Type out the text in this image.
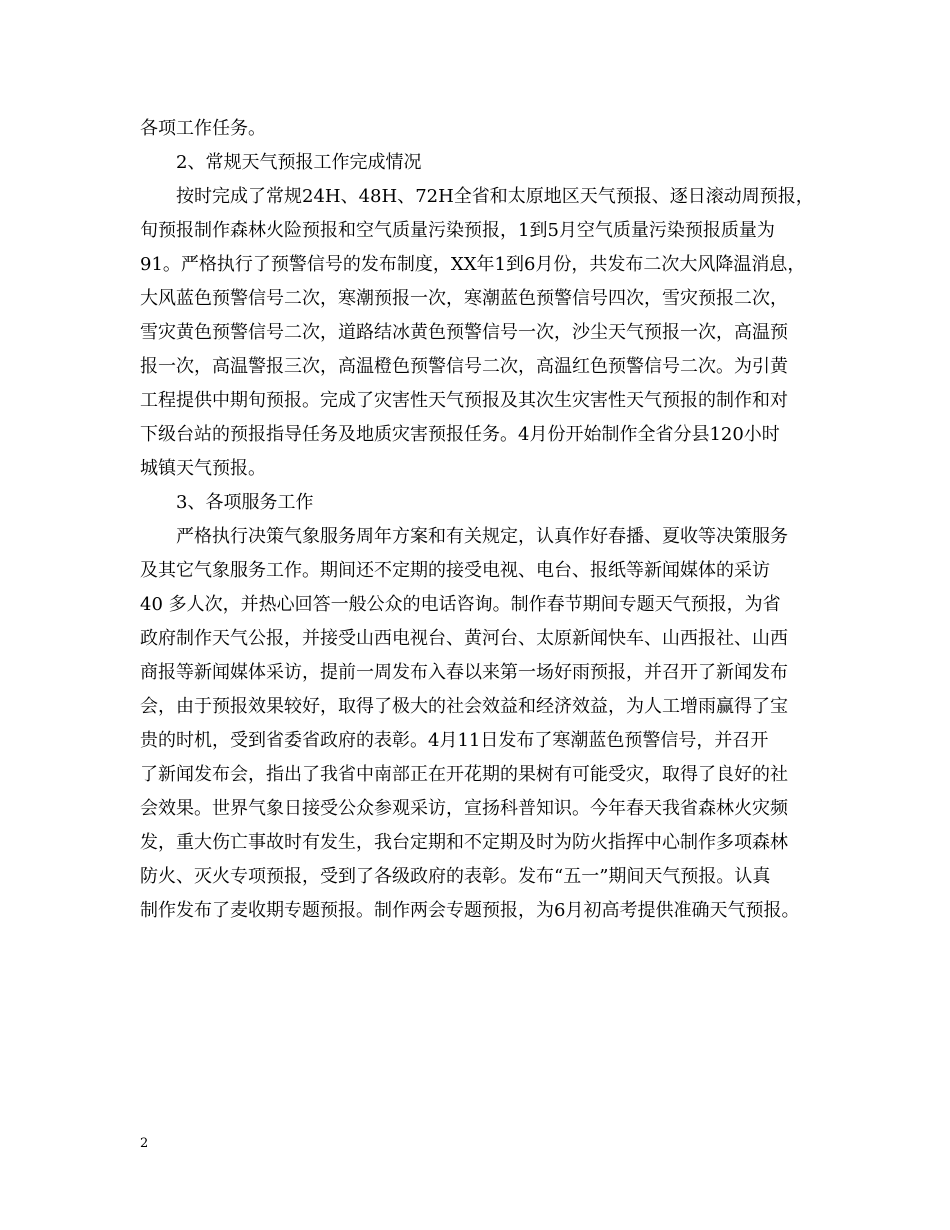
各项工作任务。
　　2、常规天气预报工作完成情况
　　按时完成了常规24H、48H、72H全省和太原地区天气预报、逐日滚动周预报，
旬预报制作森林火险预报和空气质量污染预报，1到5月空气质量污染预报质量为
91。严格执行了预警信号的发布制度，XX年1到6月份，共发布二次大风降温消息，
大风蓝色预警信号二次，寒潮预报一次，寒潮蓝色预警信号四次，雪灾预报二次，
雪灾黄色预警信号二次，道路结冰黄色预警信号一次，沙尘天气预报一次，高温预
报一次，高温警报三次，高温橙色预警信号二次，高温红色预警信号二次。为引黄
工程提供中期旬预报。完成了灾害性天气预报及其次生灾害性天气预报的制作和对
下级台站的预报指导任务及地质灾害预报任务。4月份开始制作全省分县120小时
城镇天气预报。
　　3、各项服务工作
　　严格执行决策气象服务周年方案和有关规定，认真作好春播、夏收等决策服务
及其它气象服务工作。期间还不定期的接受电视、电台、报纸等新闻媒体的采访
40 多人次，并热心回答一般公众的电话咨询。制作春节期间专题天气预报，为省
政府制作天气公报，并接受山西电视台、黄河台、太原新闻快车、山西报社、山西
商报等新闻媒体采访，提前一周发布入春以来第一场好雨预报，并召开了新闻发布
会，由于预报效果较好，取得了极大的社会效益和经济效益，为人工增雨赢得了宝
贵的时机，受到省委省政府的表彰。4月11日发布了寒潮蓝色预警信号，并召开
了新闻发布会，指出了我省中南部正在开花期的果树有可能受灾，取得了良好的社
会效果。世界气象日接受公众参观采访，宣扬科普知识。今年春天我省森林火灾频
发，重大伤亡事故时有发生，我台定期和不定期及时为防火指挥中心制作多项森林
防火、灭火专项预报，受到了各级政府的表彰。发布“五一”期间天气预报。认真
制作发布了麦收期专题预报。制作两会专题预报，为6月初高考提供准确天气预报。
2
